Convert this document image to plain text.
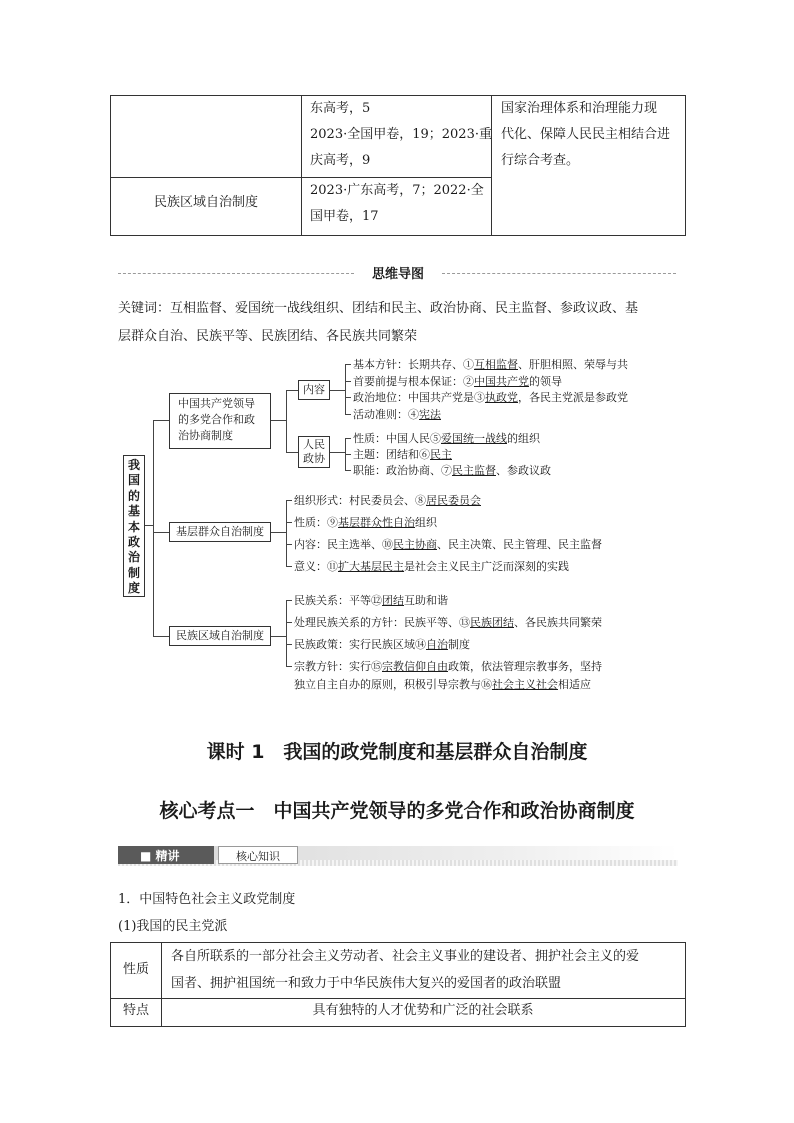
东高考，5
2023·全国甲卷，19；2023·重
庆高考，9
国家治理体系和治理能力现
代化、保障人民民主相结合进
行综合考查。
民族区域自治制度
2023·广东高考，7；2022·全
国甲卷，17
思维导图
关键词：互相监督、爱国统一战线组织、团结和民主、政治协商、民主监督、参政议政、基
层群众自治、民族平等、民族团结、各民族共同繁荣
我
国
的
基
本
政
治
制
度
中国共产党领导
的多党合作和政
治协商制度
内容
基本方针：长期共存、①互相监督、肝胆相照、荣辱与共
首要前提与根本保证：②中国共产党的领导
政治地位：中国共产党是③执政党，各民主党派是参政党
活动准则：④宪法
人民
政协
性质：中国人民⑤爱国统一战线的组织
主题：团结和⑥民主
职能：政治协商、⑦民主监督、参政议政
基层群众自治制度
组织形式：村民委员会、⑧居民委员会
性质：⑨基层群众性自治组织
内容：民主选举、⑩民主协商、民主决策、民主管理、民主监督
意义：⑪扩大基层民主是社会主义民主广泛而深刻的实践
民族区域自治制度
民族关系：平等⑫团结互助和谐
处理民族关系的方针：民族平等、⑬民族团结、各民族共同繁荣
民族政策：实行民族区域⑭自治制度
宗教方针：实行⑮宗教信仰自由政策，依法管理宗教事务，坚持
独立自主自办的原则，积极引导宗教与⑯社会主义社会相适应
课时 1　我国的政党制度和基层群众自治制度
核心考点一　中国共产党领导的多党合作和政治协商制度
■ 精讲	核心知识
1．中国特色社会主义政党制度
(1)我国的民主党派
性质
各自所联系的一部分社会主义劳动者、社会主义事业的建设者、拥护社会主义的爱
国者、拥护祖国统一和致力于中华民族伟大复兴的爱国者的政治联盟
特点	具有独特的人才优势和广泛的社会联系
